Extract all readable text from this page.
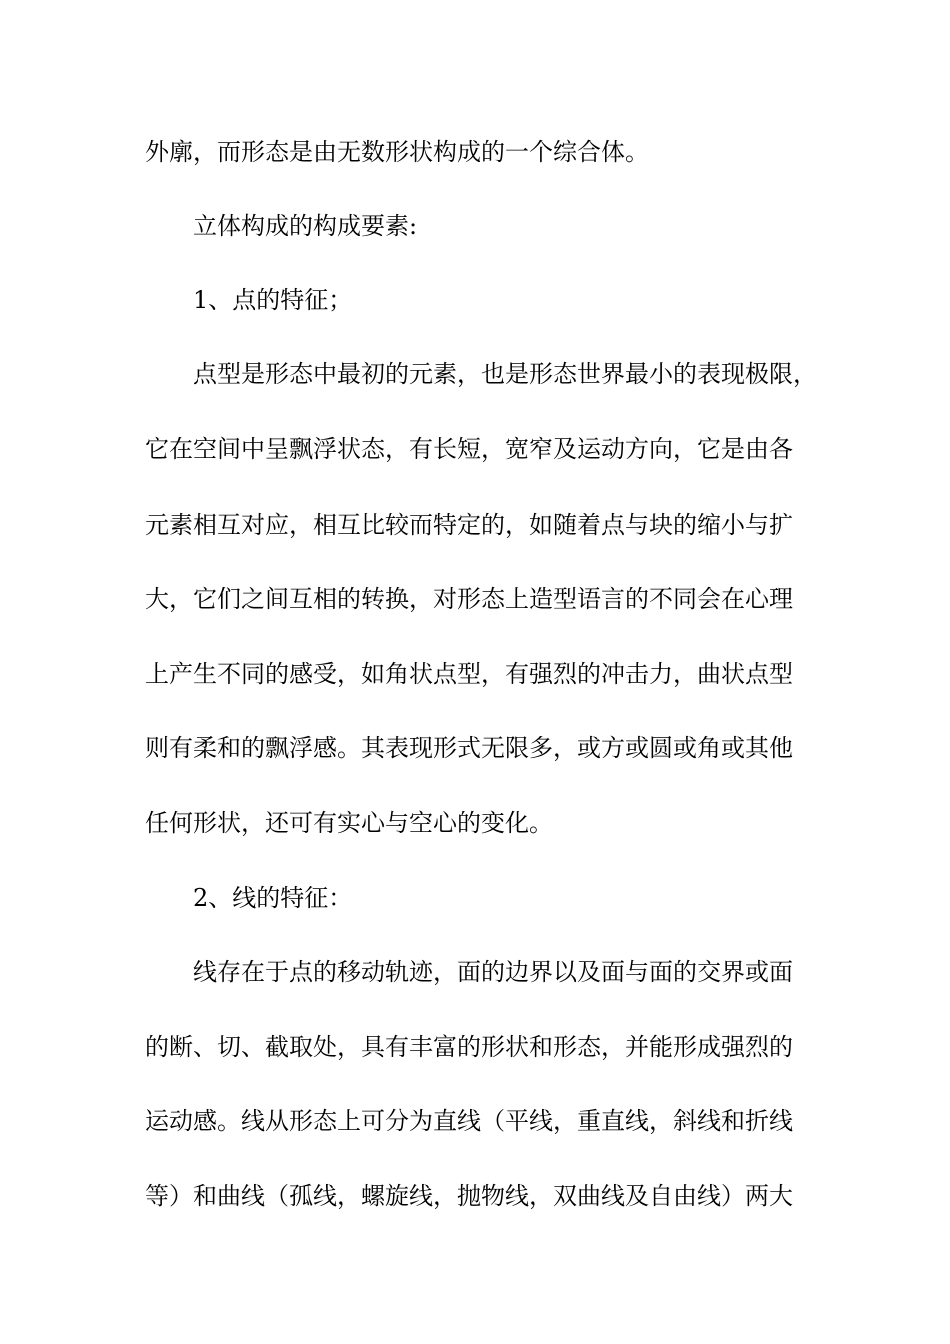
外廓，而形态是由无数形状构成的一个综合体。
立体构成的构成要素:
1、点的特征；
点型是形态中最初的元素，也是形态世界最小的表现极限，
它在空间中呈飘浮状态，有长短，宽窄及运动方向，它是由各
元素相互对应，相互比较而特定的，如随着点与块的缩小与扩
大，它们之间互相的转换，对形态上造型语言的不同会在心理
上产生不同的感受，如角状点型，有强烈的冲击力，曲状点型
则有柔和的飘浮感。其表现形式无限多，或方或圆或角或其他
任何形状，还可有实心与空心的变化。
2、线的特征：
线存在于点的移动轨迹，面的边界以及面与面的交界或面
的断、切、截取处，具有丰富的形状和形态，并能形成强烈的
运动感。线从形态上可分为直线（平线，重直线，斜线和折线
等）和曲线（孤线，螺旋线，抛物线，双曲线及自由线）两大
